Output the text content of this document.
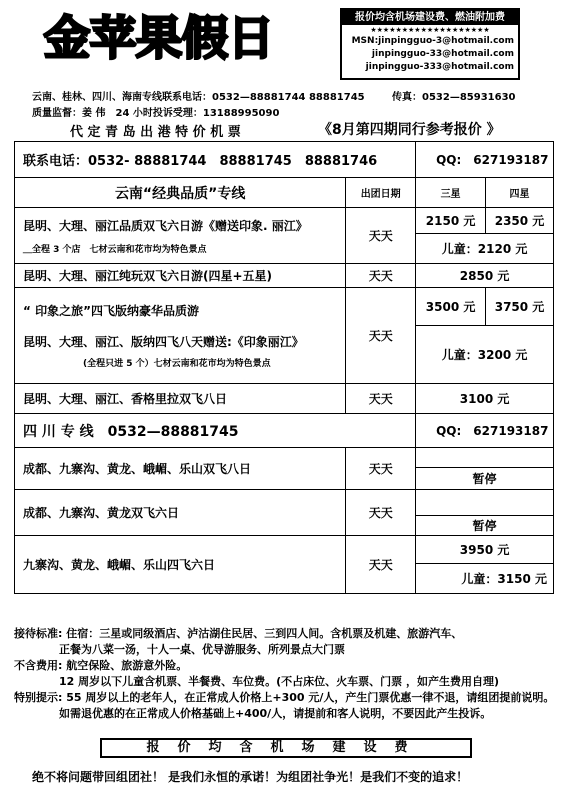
金苹果假日	报价均含机场建设费、燃油附加费
★★★★★★★★★★★★★★★★★★★
MSN:jinpingguo-3@hotmail.com
jinpingguo-33@hotmail.com
jinpingguo-333@hotmail.com
云南、桂林、四川、海南专线联系电话：0532—88881744 88881745	传真：0532—85931630
质量监督：姜 伟　24 小时投诉受理：13188995090
代 定 青 岛 出 港 特 价 机 票	《8月第四期同行参考报价 》
联系电话：0532- 88881744　88881745　88881746		QQ:　627193187	
云南“经典品质”专线	出团日期	三星	四星

昆明、大理、丽江品质双飞六日游《赠送印象. 丽江》
＿全程 3 个店　七材云南和花市均为特色景点	天天	2150 元	2350 元
		儿童：2120 元	
昆明、大理、丽江纯玩双飞六日游(四星+五星)	天天	2850 元	

“ 印象之旅”四飞版纳豪华品质游
昆明、大理、丽江、版纳四飞八天赠送:《印象丽江》
(全程只进 5 个）七材云南和花市均为特色景点	天天	3500 元	3750 元
		儿童：3200 元	
昆明、大理、丽江、香格里拉双飞八日	天天	3100 元	
四 川 专 线　0532—88881745		QQ:　627193187	
成都、九寨沟、黄龙、峨嵋、乐山双飞八日	天天		
		暂停	
成都、九寨沟、黄龙双飞六日	天天		
		暂停	
九寨沟、黄龙、峨嵋、乐山四飞六日	天天	3950 元	
		儿童：3150 元	
接待标准: 住宿：三星或同级酒店、泸沽湖住民居、三到四人间。含机票及机建、旅游汽车、
正餐为八菜一汤，十人一桌、优导游服务、所列景点大门票
不含费用: 航空保险、旅游意外险。
12 周岁以下儿童含机票、半餐费、车位费。(不占床位、火车票、门票 ，如产生费用自理)
特别提示: 55 周岁以上的老年人，在正常成人价格上+300 元/人，产生门票优惠一律不退，请组团提前说明。
如需退优惠的在正常成人价格基础上+400/人，请提前和客人说明，不要因此产生投诉。
报价均含机场建设费
绝不将问题带回组团社！ 是我们永恒的承诺！为组团社争光！是我们不变的追求！
